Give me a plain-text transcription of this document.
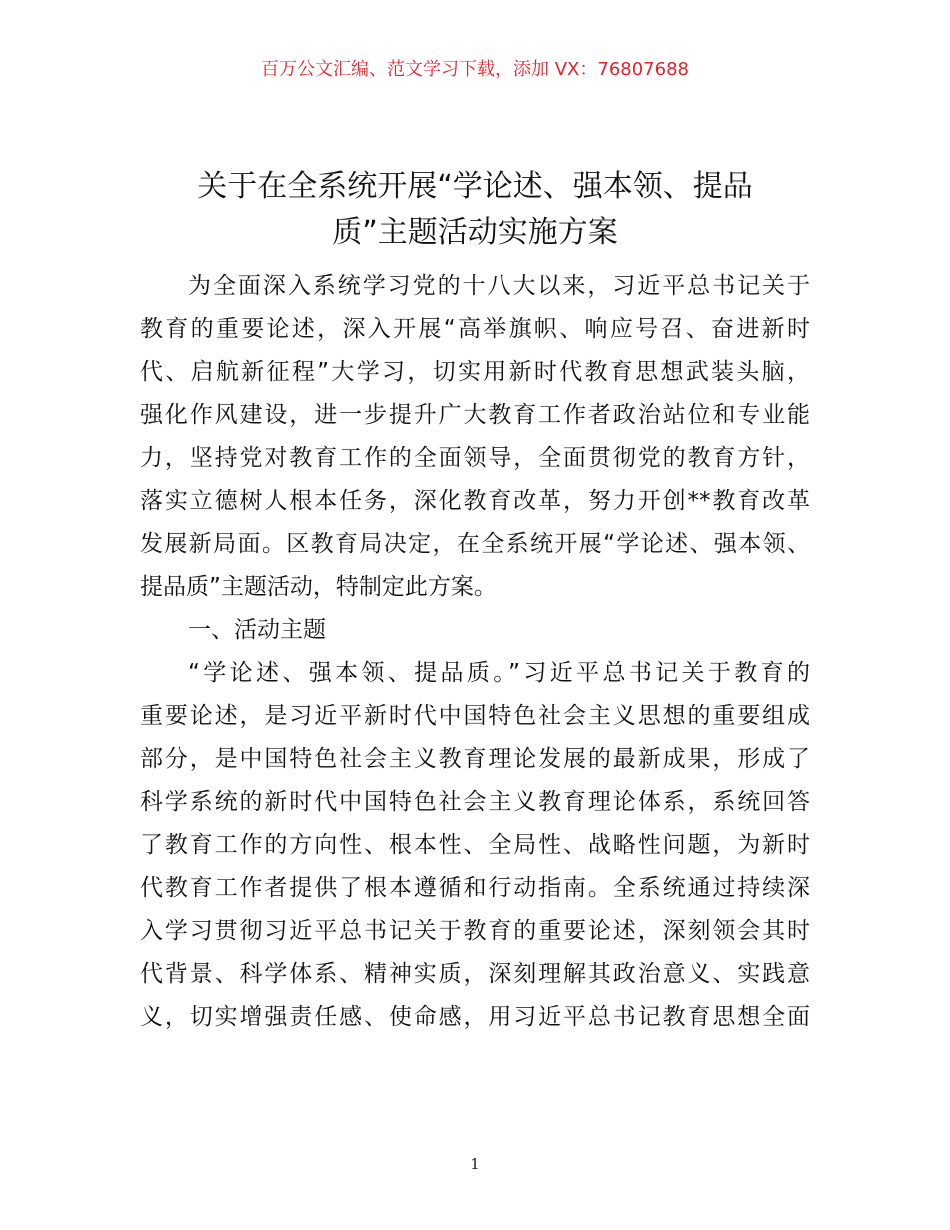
百万公文汇编、范文学习下载，添加 VX：76807688
关于在全系统开展“学论述、强本领、提品
质”主题活动实施方案
为全面深入系统学习党的十八大以来，习近平总书记关于
教育的重要论述，深入开展“高举旗帜、响应号召、奋进新时
代、启航新征程”大学习，切实用新时代教育思想武装头脑，
强化作风建设，进一步提升广大教育工作者政治站位和专业能
力，坚持党对教育工作的全面领导，全面贯彻党的教育方针，
落实立德树人根本任务，深化教育改革，努力开创**教育改革
发展新局面。区教育局决定，在全系统开展“学论述、强本领、
提品质”主题活动，特制定此方案。
一、活动主题
“学论述、强本领、提品质。”习近平总书记关于教育的
重要论述，是习近平新时代中国特色社会主义思想的重要组成
部分，是中国特色社会主义教育理论发展的最新成果，形成了
科学系统的新时代中国特色社会主义教育理论体系，系统回答
了教育工作的方向性、根本性、全局性、战略性问题，为新时
代教育工作者提供了根本遵循和行动指南。全系统通过持续深
入学习贯彻习近平总书记关于教育的重要论述，深刻领会其时
代背景、科学体系、精神实质，深刻理解其政治意义、实践意
义，切实增强责任感、使命感，用习近平总书记教育思想全面
1
